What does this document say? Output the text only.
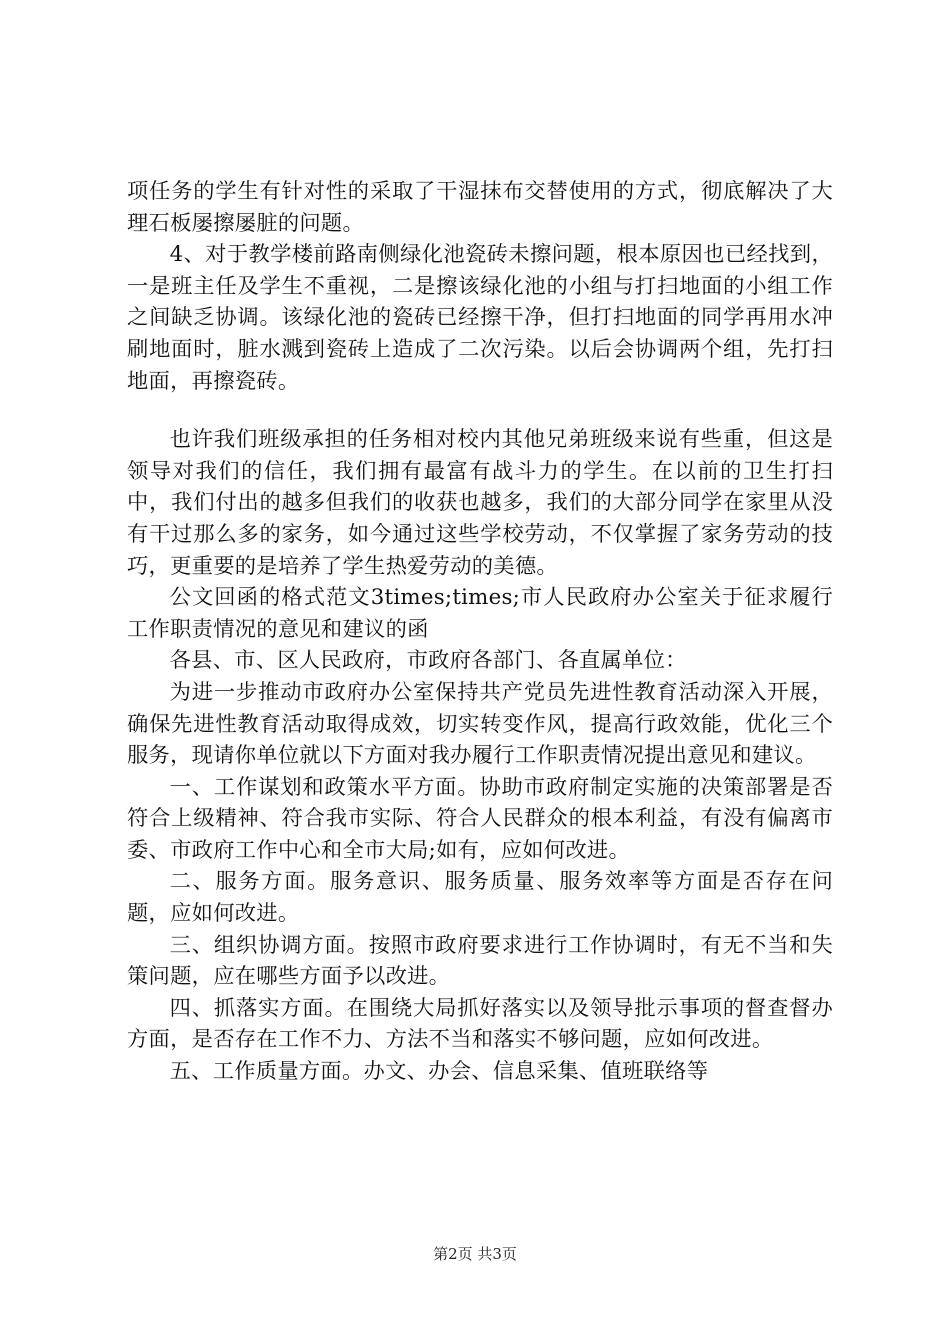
项任务的学生有针对性的采取了干湿抹布交替使用的方式，彻底解决了大理石板屡擦屡脏的问题。

4、对于教学楼前路南侧绿化池瓷砖未擦问题，根本原因也已经找到，一是班主任及学生不重视，二是擦该绿化池的小组与打扫地面的小组工作之间缺乏协调。该绿化池的瓷砖已经擦干净，但打扫地面的同学再用水冲刷地面时，脏水溅到瓷砖上造成了二次污染。以后会协调两个组，先打扫地面，再擦瓷砖。

也许我们班级承担的任务相对校内其他兄弟班级来说有些重，但这是领导对我们的信任，我们拥有最富有战斗力的学生。在以前的卫生打扫中，我们付出的越多但我们的收获也越多，我们的大部分同学在家里从没有干过那么多的家务，如今通过这些学校劳动，不仅掌握了家务劳动的技巧，更重要的是培养了学生热爱劳动的美德。

公文回函的格式范文3times;times;市人民政府办公室关于征求履行工作职责情况的意见和建议的函

各县、市、区人民政府，市政府各部门、各直属单位：

为进一步推动市政府办公室保持共产党员先进性教育活动深入开展，确保先进性教育活动取得成效，切实转变作风，提高行政效能，优化三个服务，现请你单位就以下方面对我办履行工作职责情况提出意见和建议。

一、工作谋划和政策水平方面。协助市政府制定实施的决策部署是否符合上级精神、符合我市实际、符合人民群众的根本利益，有没有偏离市委、市政府工作中心和全市大局;如有，应如何改进。

二、服务方面。服务意识、服务质量、服务效率等方面是否存在问题，应如何改进。

三、组织协调方面。按照市政府要求进行工作协调时，有无不当和失策问题，应在哪些方面予以改进。

四、抓落实方面。在围绕大局抓好落实以及领导批示事项的督查督办方面，是否存在工作不力、方法不当和落实不够问题，应如何改进。

五、工作质量方面。办文、办会、信息采集、值班联络等

第2页 共3页
